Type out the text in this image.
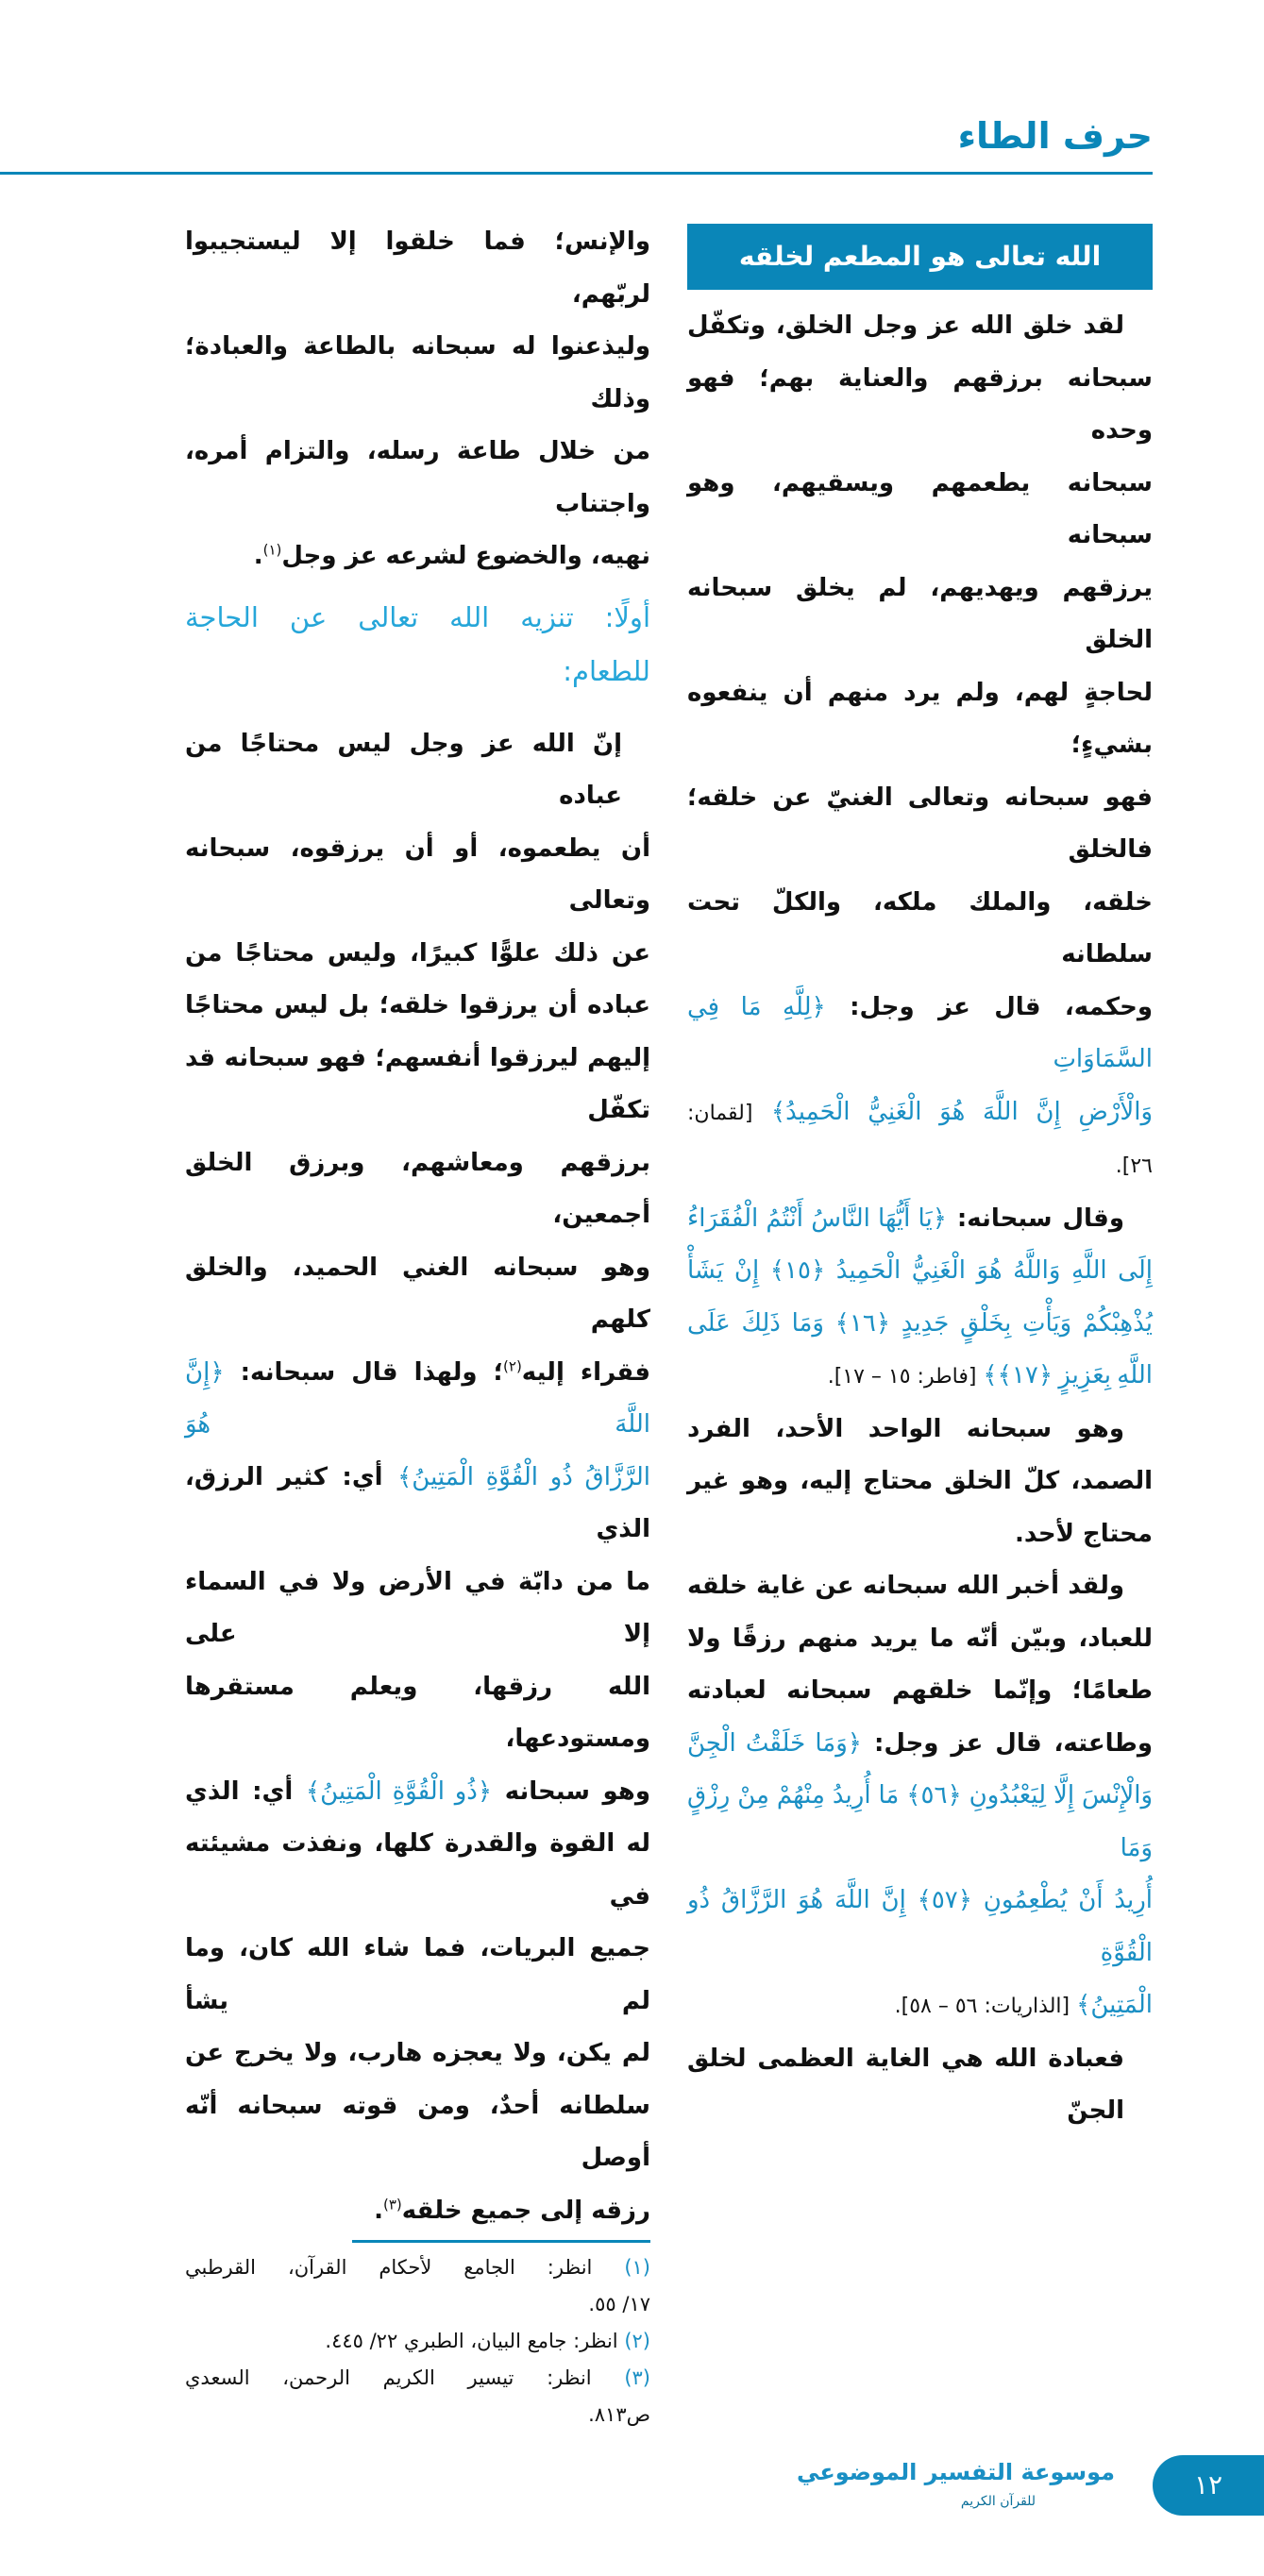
حرف الطاء
والإنس؛ فما خلقوا إلا ليستجيبوا لربّهم،
وليذعنوا له سبحانه بالطاعة والعبادة؛ وذلك
من خلال طاعة رسله، والتزام أمره، واجتناب
نهيه، والخضوع لشرعه عز وجل$^{(١)}$.
أولًا: تنزيه الله تعالى عن الحاجة
للطعام:
إنّ الله عز وجل ليس محتاجًا من عباده
أن يطعموه، أو أن يرزقوه، سبحانه وتعالى
عن ذلك علوًّا كبيرًا، وليس محتاجًا من
عباده أن يرزقوا خلقه؛ بل ليس محتاجًا
إليهم ليرزقوا أنفسهم؛ فهو سبحانه قد تكفّل
برزقهم ومعاشهم، وبرزق الخلق أجمعين،
وهو سبحانه الغني الحميد، والخلق كلهم
فقراء إليه$^{(٢)}$؛ ولهذا قال سبحانه: ﴿إِنَّ اللَّهَ هُوَ
الرَّزَّاقُ ذُو الْقُوَّةِ الْمَتِينُ﴾ أي: كثير الرزق، الذي
ما من دابّة في الأرض ولا في السماء إلا على
الله رزقها، ويعلم مستقرها ومستودعها،
وهو سبحانه ﴿ذُو الْقُوَّةِ الْمَتِينُ﴾ أي: الذي
له القوة والقدرة كلها، ونفذت مشيئته في
جميع البريات، فما شاء الله كان، وما لم يشأ
لم يكن، ولا يعجزه هارب، ولا يخرج عن
سلطانه أحدٌ، ومن قوته سبحانه أنّه أوصل
رزقه إلى جميع خلقه$^{(٣)}$.
(١) انظر: الجامع لأحكام القرآن، القرطبي
١٧/ ٥٥.
(٢) انظر: جامع البيان، الطبري ٢٢/ ٤٤٥.
(٣) انظر: تيسير الكريم الرحمن، السعدي
ص٨١٣.
الله تعالى هو المطعم لخلقه
لقد خلق الله عز وجل الخلق، وتكفّل
سبحانه برزقهم والعناية بهم؛ فهو وحده
سبحانه يطعمهم ويسقيهم، وهو سبحانه
يرزقهم ويهديهم، لم يخلق سبحانه الخلق
لحاجةٍ لهم، ولم يرد منهم أن ينفعوه بشيءٍ؛
فهو سبحانه وتعالى الغنيّ عن خلقه؛ فالخلق
خلقه، والملك ملكه، والكلّ تحت سلطانه
وحكمه، قال عز وجل: ﴿لِلَّهِ مَا فِي السَّمَاوَاتِ
وَالْأَرْضِ إِنَّ اللَّهَ هُوَ الْغَنِيُّ الْحَمِيدُ﴾ [لقمان:
٢٦].
وقال سبحانه: ﴿يَا أَيُّهَا النَّاسُ أَنْتُمُ الْفُقَرَاءُ
إِلَى اللَّهِ وَاللَّهُ هُوَ الْغَنِيُّ الْحَمِيدُ ﴿١٥﴾ إِنْ يَشَأْ
يُذْهِبْكُمْ وَيَأْتِ بِخَلْقٍ جَدِيدٍ ﴿١٦﴾ وَمَا ذَلِكَ عَلَى
اللَّهِ بِعَزِيزٍ ﴿١٧﴾﴾ [فاطر: ١٥ – ١٧].
وهو سبحانه الواحد الأحد، الفرد
الصمد، كلّ الخلق محتاج إليه، وهو غير
محتاج لأحد.
ولقد أخبر الله سبحانه عن غاية خلقه
للعباد، وبيّن أنّه ما يريد منهم رزقًا ولا
طعامًا؛ وإنّما خلقهم سبحانه لعبادته
وطاعته، قال عز وجل: ﴿وَمَا خَلَقْتُ الْجِنَّ
وَالْإِنْسَ إِلَّا لِيَعْبُدُونِ ﴿٥٦﴾ مَا أُرِيدُ مِنْهُمْ مِنْ رِزْقٍ وَمَا
أُرِيدُ أَنْ يُطْعِمُونِ ﴿٥٧﴾ إِنَّ اللَّهَ هُوَ الرَّزَّاقُ ذُو الْقُوَّةِ
الْمَتِينُ﴾ [الذاريات: ٥٦ – ٥٨].
فعبادة الله هي الغاية العظمى لخلق الجنّ
موسوعة التفسير الموضوعي
للقرآن الكريم
١٢
